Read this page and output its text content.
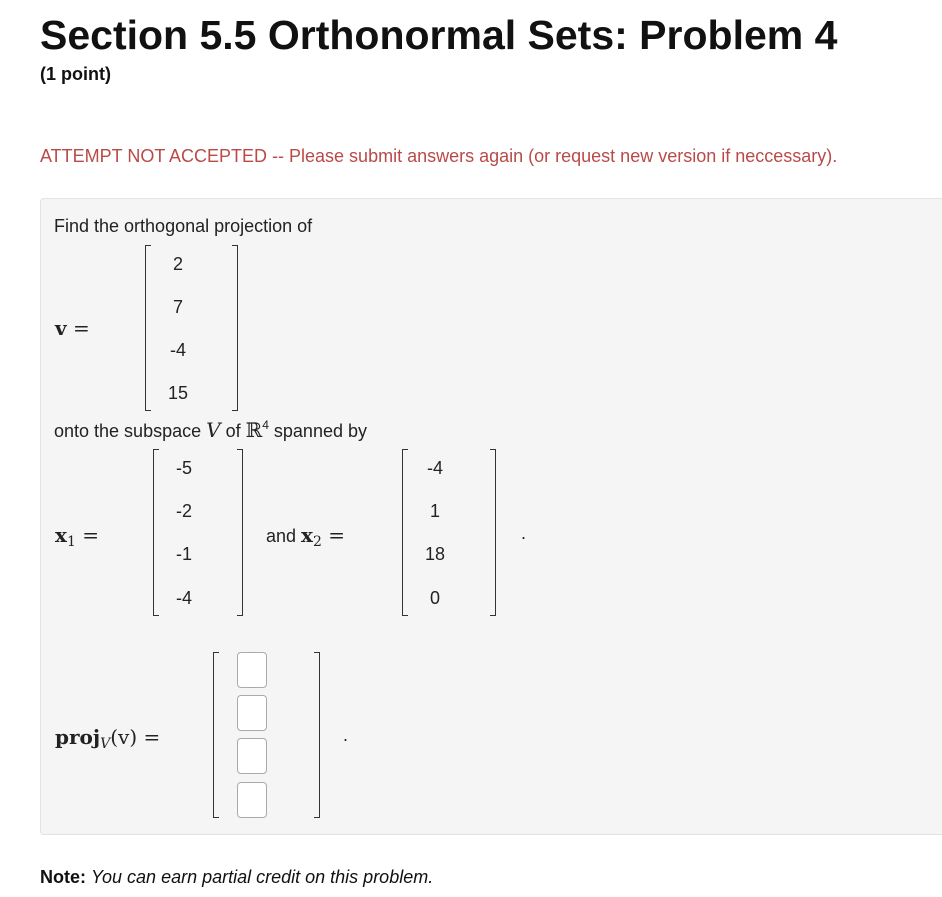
Section 5.5 Orthonormal Sets: Problem 4
(1 point)
ATTEMPT NOT ACCEPTED -- Please submit answers again (or request new version if neccessary).
Find the orthogonal projection of
v =
2
7
-4
15
onto the subspace V of ℝ$^4$ spanned by
$x_1$ =
-5
-2
-1
-4
and $x_2$ =
-4
1
18
0
.
proj$_V$(v) =	.
Note: You can earn partial credit on this problem.
